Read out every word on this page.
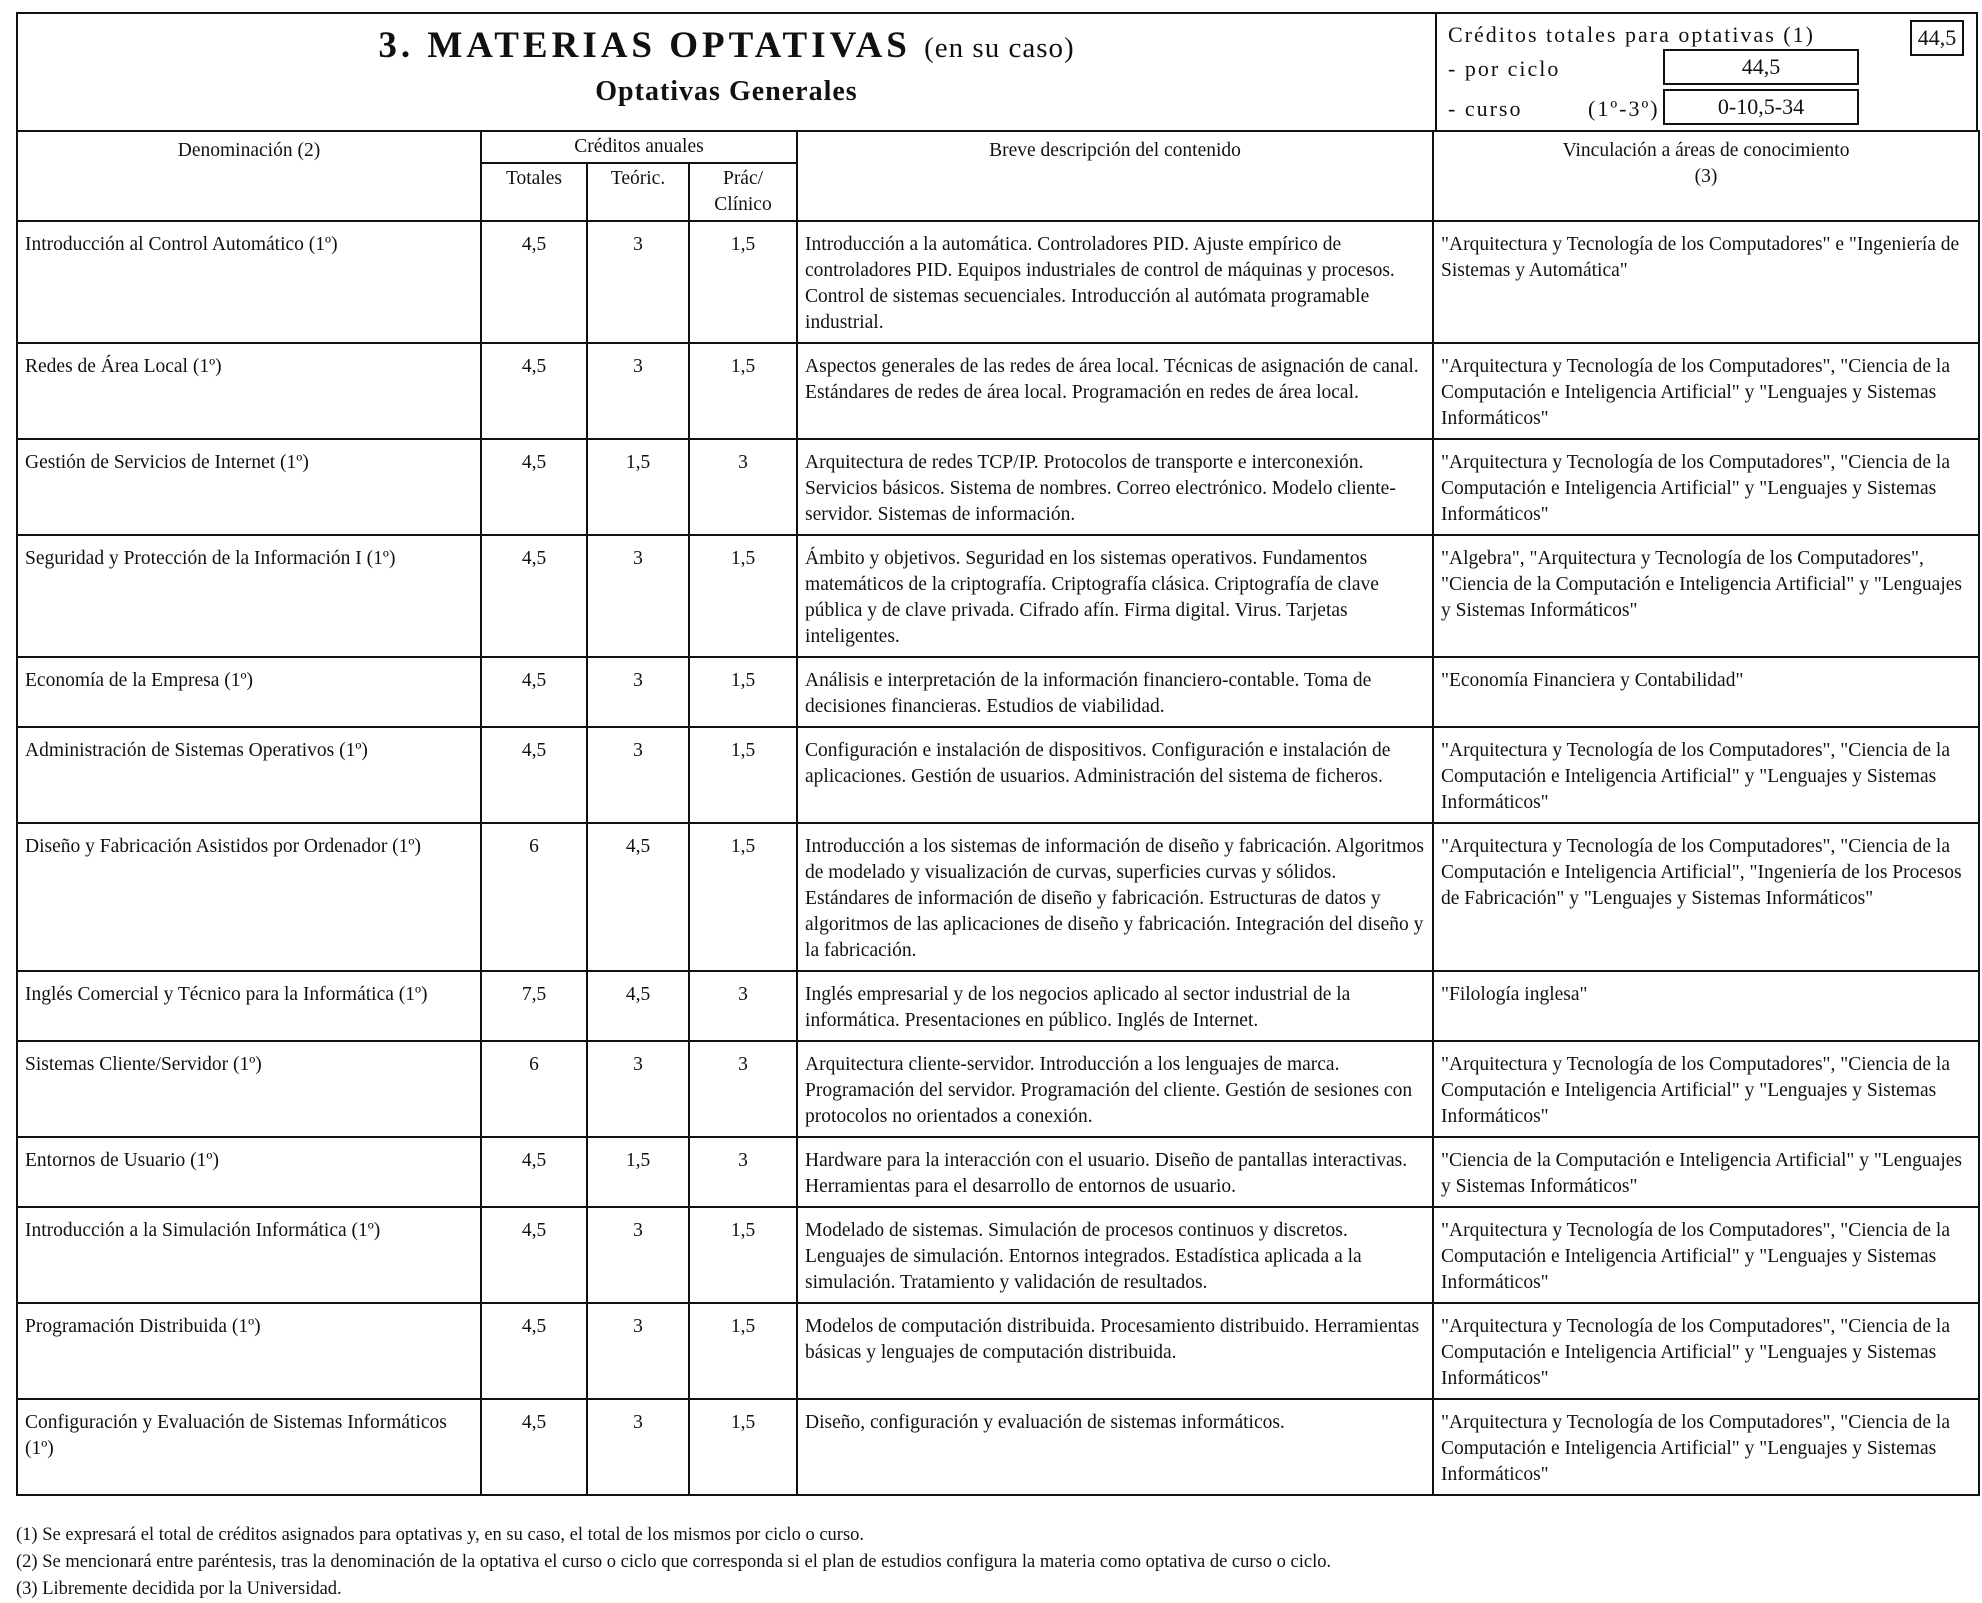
3. MATERIAS OPTATIVAS (en su caso)
Optativas Generales
Créditos totales para optativas (1)	44,5
- por ciclo	44,5
- curso	(1º-3º)	0-10,5-34
Denominación (2)	Créditos anuales			Breve descripción del contenido	Vinculación a áreas de conocimiento
(3)

	Totales	Teóric.	Prác/
Clínico		

Introducción al Control Automático (1º)	4,5	3	1,5	Introducción a la automática. Controladores PID. Ajuste empírico de controladores PID. Equipos industriales de control de máquinas y procesos. Control de sistemas secuenciales. Introducción al autómata programable industrial.	"Arquitectura y Tecnología de los Computadores" e "Ingeniería de Sistemas y Automática"
Redes de Área Local (1º)	4,5	3	1,5	Aspectos generales de las redes de área local. Técnicas de asignación de canal. Estándares de redes de área local. Programación en redes de área local.	"Arquitectura y Tecnología de los Computadores", "Ciencia de la Computación e Inteligencia Artificial" y "Lenguajes y Sistemas Informáticos"
Gestión de Servicios de Internet (1º)	4,5	1,5	3	Arquitectura de redes TCP/IP. Protocolos de transporte e interconexión. Servicios básicos. Sistema de nombres. Correo electrónico. Modelo cliente-servidor. Sistemas de información.	"Arquitectura y Tecnología de los Computadores", "Ciencia de la Computación e Inteligencia Artificial" y "Lenguajes y Sistemas Informáticos"
Seguridad y Protección de la Información I (1º)	4,5	3	1,5	Ámbito y objetivos. Seguridad en los sistemas operativos. Fundamentos matemáticos de la criptografía. Criptografía clásica. Criptografía de clave pública y de clave privada. Cifrado afín. Firma digital. Virus. Tarjetas inteligentes.	"Algebra", "Arquitectura y Tecnología de los Computadores", "Ciencia de la Computación e Inteligencia Artificial" y "Lenguajes y Sistemas Informáticos"
Economía de la Empresa (1º)	4,5	3	1,5	Análisis e interpretación de la información financiero-contable. Toma de decisiones financieras. Estudios de viabilidad.	"Economía Financiera y Contabilidad"
Administración de Sistemas Operativos (1º)	4,5	3	1,5	Configuración e instalación de dispositivos. Configuración e instalación de aplicaciones. Gestión de usuarios. Administración del sistema de ficheros.	"Arquitectura y Tecnología de los Computadores", "Ciencia de la Computación e Inteligencia Artificial" y "Lenguajes y Sistemas Informáticos"
Diseño y Fabricación Asistidos por Ordenador (1º)	6	4,5	1,5	Introducción a los sistemas de información de diseño y fabricación. Algoritmos de modelado y visualización de curvas, superficies curvas y sólidos. Estándares de información de diseño y fabricación. Estructuras de datos y algoritmos de las aplicaciones de diseño y fabricación. Integración del diseño y la fabricación.	"Arquitectura y Tecnología de los Computadores", "Ciencia de la Computación e Inteligencia Artificial", "Ingeniería de los Procesos de Fabricación" y "Lenguajes y Sistemas Informáticos"
Inglés Comercial y Técnico para la Informática (1º)	7,5	4,5	3	Inglés empresarial y de los negocios aplicado al sector industrial de la informática. Presentaciones en público. Inglés de Internet.	"Filología inglesa"
Sistemas Cliente/Servidor (1º)	6	3	3	Arquitectura cliente-servidor. Introducción a los lenguajes de marca. Programación del servidor. Programación del cliente. Gestión de sesiones con protocolos no orientados a conexión.	"Arquitectura y Tecnología de los Computadores", "Ciencia de la Computación e Inteligencia Artificial" y "Lenguajes y Sistemas Informáticos"
Entornos de Usuario (1º)	4,5	1,5	3	Hardware para la interacción con el usuario. Diseño de pantallas interactivas. Herramientas para el desarrollo de entornos de usuario.	"Ciencia de la Computación e Inteligencia Artificial" y "Lenguajes y Sistemas Informáticos"
Introducción a la Simulación Informática (1º)	4,5	3	1,5	Modelado de sistemas. Simulación de procesos continuos y discretos. Lenguajes de simulación. Entornos integrados. Estadística aplicada a la simulación. Tratamiento y validación de resultados.	"Arquitectura y Tecnología de los Computadores", "Ciencia de la Computación e Inteligencia Artificial" y "Lenguajes y Sistemas Informáticos"
Programación Distribuida (1º)	4,5	3	1,5	Modelos de computación distribuida. Procesamiento distribuido. Herramientas básicas y lenguajes de computación distribuida.	"Arquitectura y Tecnología de los Computadores", "Ciencia de la Computación e Inteligencia Artificial" y "Lenguajes y Sistemas Informáticos"
Configuración y Evaluación de Sistemas Informáticos (1º)	4,5	3	1,5	Diseño, configuración y evaluación de sistemas informáticos.	"Arquitectura y Tecnología de los Computadores", "Ciencia de la Computación e Inteligencia Artificial" y "Lenguajes y Sistemas Informáticos"
(1) Se expresará el total de créditos asignados para optativas y, en su caso, el total de los mismos por ciclo o curso.
(2) Se mencionará entre paréntesis, tras la denominación de la optativa el curso o ciclo que corresponda si el plan de estudios configura la materia como optativa de curso o ciclo.
(3) Libremente decidida por la Universidad.
